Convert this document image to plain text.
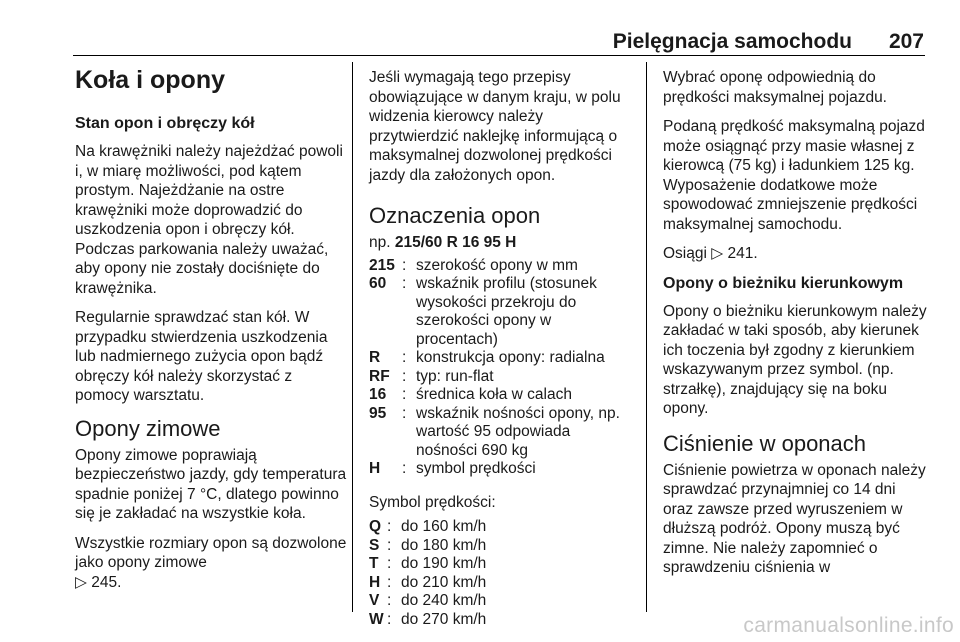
Pielęgnacja samochodu 207
Koła i opony
Stan opon i obręczy kół

Na krawężniki należy najeżdżać powoli i, w miarę możliwości, pod kątem prostym. Najeżdżanie na ostre krawężniki może doprowadzić do uszkodzenia opon i obręczy kół. Podczas parkowania należy uważać, aby opony nie zostały dociśnięte do krawężnika.

Regularnie sprawdzać stan kół. W przypadku stwierdzenia uszkodzenia lub nadmiernego zużycia opon bądź obręczy kół należy skorzystać z pomocy warsztatu.

Opony zimowe

Opony zimowe poprawiają bezpieczeństwo jazdy, gdy temperatura spadnie poniżej 7 °C, dlatego powinno się je zakładać na wszystkie koła.

Wszystkie rozmiary opon są dozwolone jako opony zimowe
▷ 245.

Jeśli wymagają tego przepisy obowiązujące w danym kraju, w polu widzenia kierowcy należy przytwierdzić naklejkę informującą o maksymalnej dozwolonej prędkości jazdy dla założonych opon.

Oznaczenia opon

np. 215/60 R 16 95 H

215 : szerokość opony w mm
60	: wskaźnik profilu (stosunek wysokości przekroju do szerokości opony w procentach)
R	: konstrukcja opony: radialna
RF : typ: run-flat
16	: średnica koła w calach
95	: wskaźnik nośności opony, np. wartość 95 odpowiada nośności 690 kg
H	: symbol prędkości

Symbol prędkości:

Q : do 160 km/h
S : do 180 km/h
T : do 190 km/h
H : do 210 km/h
V : do 240 km/h
W : do 270 km/h

Wybrać oponę odpowiednią do prędkości maksymalnej pojazdu.

Podaną prędkość maksymalną pojazd może osiągnąć przy masie własnej z kierowcą (75 kg) i ładunkiem 125 kg. Wyposażenie dodatkowe może spowodować zmniejszenie prędkości maksymalnej samochodu.

Osiągi ▷ 241.

Opony o bieżniku kierunkowym

Opony o bieżniku kierunkowym należy zakładać w taki sposób, aby kierunek ich toczenia był zgodny z kierunkiem wskazywanym przez symbol. (np. strzałkę), znajdujący się na boku opony.

Ciśnienie w oponach

Ciśnienie powietrza w oponach należy sprawdzać przynajmniej co 14 dni oraz zawsze przed wyruszeniem w dłuższą podróż. Opony muszą być zimne. Nie należy zapomnieć o sprawdzeniu ciśnienia w

carmanualsonline.info
